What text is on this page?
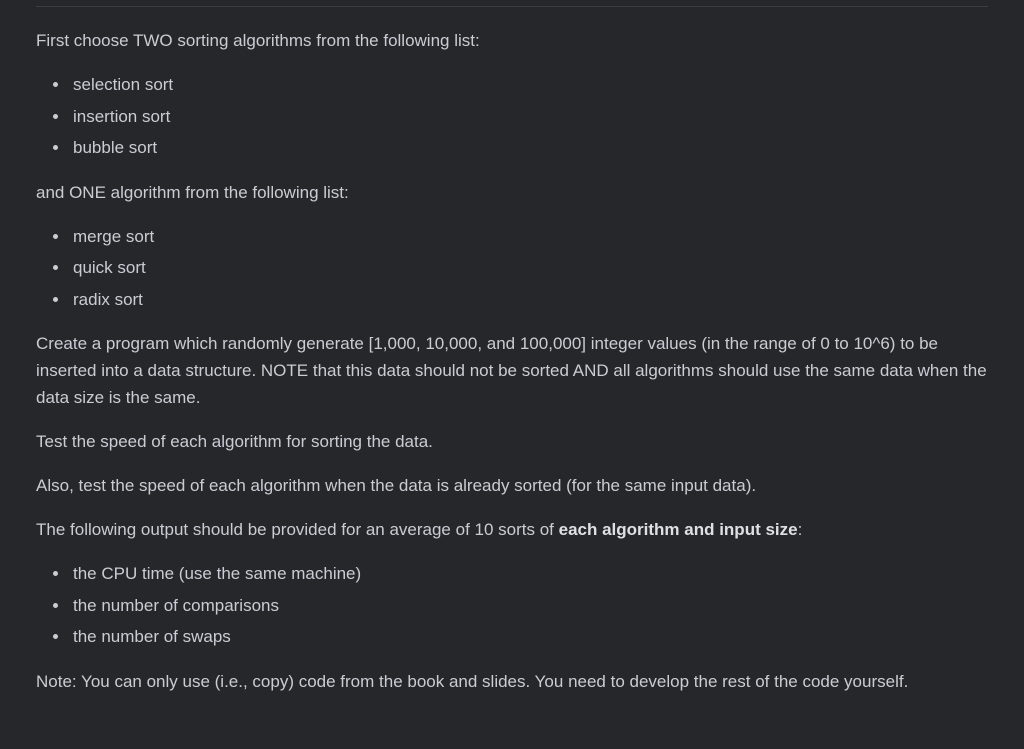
First choose TWO sorting algorithms from the following list:

selection sort
insertion sort
bubble sort

and ONE algorithm from the following list:

merge sort
quick sort
radix sort

Create a program which randomly generate [1,000, 10,000, and 100,000] integer values (in the range of 0 to 10^6) to be inserted into a data structure. NOTE that this data should not be sorted AND all algorithms should use the same data when the data size is the same.

Test the speed of each algorithm for sorting the data.

Also, test the speed of each algorithm when the data is already sorted (for the same input data).

The following output should be provided for an average of 10 sorts of each algorithm and input size:

the CPU time (use the same machine)
the number of comparisons
the number of swaps

Note: You can only use (i.e., copy) code from the book and slides. You need to develop the rest of the code yourself.
